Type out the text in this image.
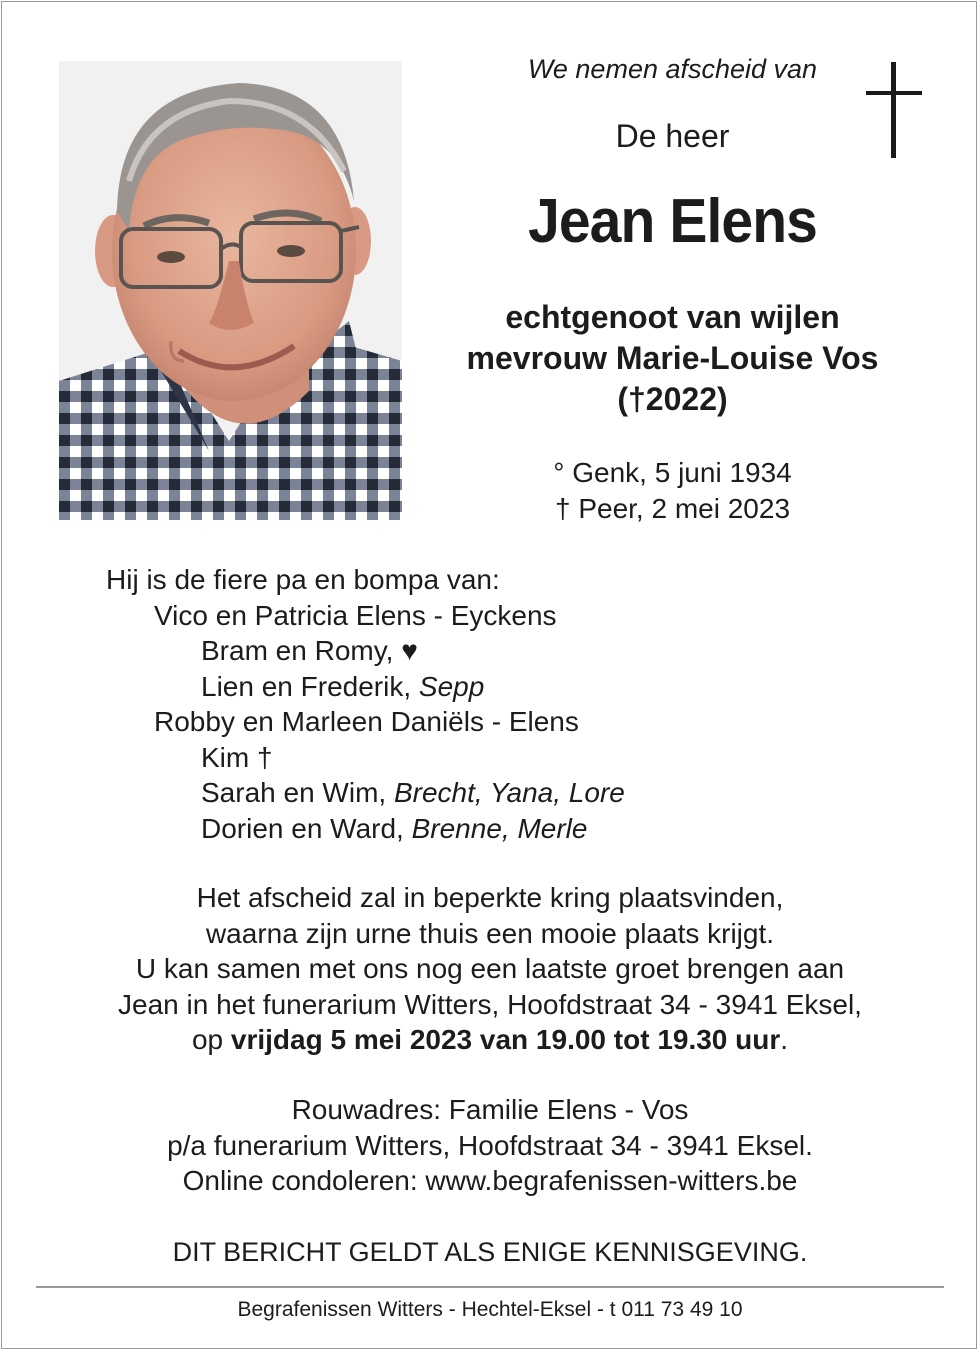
We nemen afscheid van
De heer
Jean Elens
echtgenoot van wijlen
mevrouw Marie-Louise Vos
(†2022)
° Genk, 5 juni 1934
† Peer, 2 mei 2023
Hij is de fiere pa en bompa van:
Vico en Patricia Elens - Eyckens
Bram en Romy, ♥
Lien en Frederik, Sepp
Robby en Marleen Daniëls - Elens
Kim †
Sarah en Wim, Brecht, Yana, Lore
Dorien en Ward, Brenne, Merle
Het afscheid zal in beperkte kring plaatsvinden,
waarna zijn urne thuis een mooie plaats krijgt.
U kan samen met ons nog een laatste groet brengen aan
Jean in het funerarium Witters, Hoofdstraat 34 - 3941 Eksel,
op vrijdag 5 mei 2023 van 19.00 tot 19.30 uur.
Rouwadres: Familie Elens - Vos
p/a funerarium Witters, Hoofdstraat 34 - 3941 Eksel.
Online condoleren: www.begrafenissen-witters.be
DIT BERICHT GELDT ALS ENIGE KENNISGEVING.
Begrafenissen Witters - Hechtel-Eksel - t 011 73 49 10
